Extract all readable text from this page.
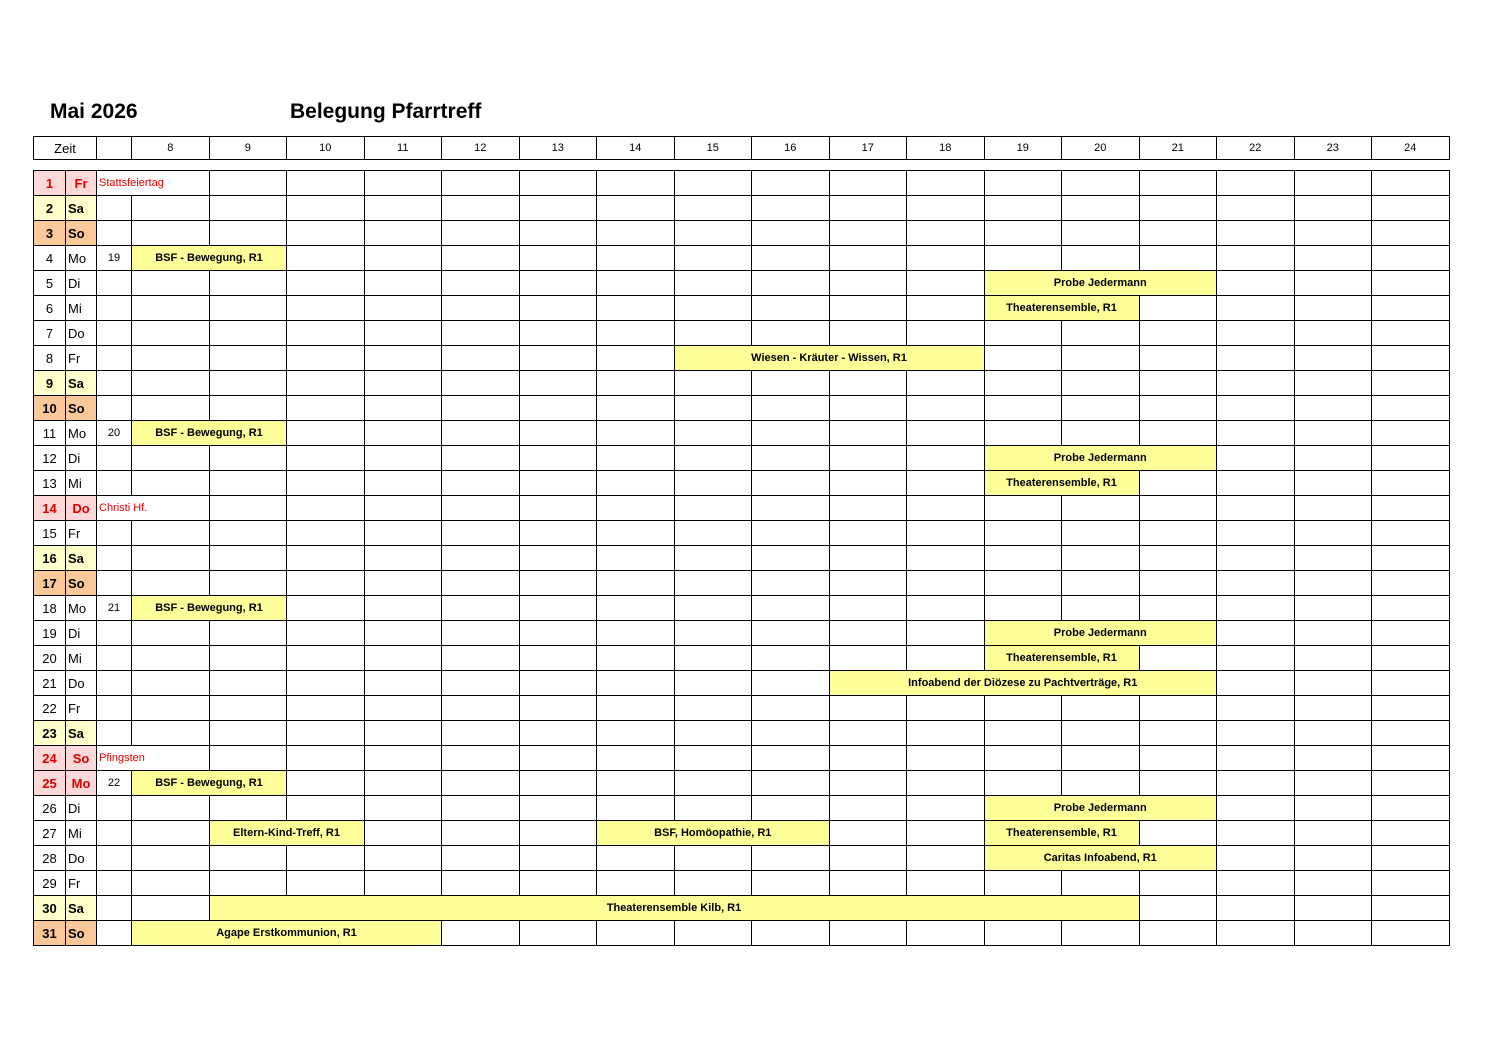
Mai 2026	Belegung Pfarrtreff
Zeit		8	9	10	11	12	13	14	15	16	17	18	19	20	21	22	23	24
1	Fr	Stattsfeiertag																	
2	Sa																		
3	So																		
4	Mo	19	BSF - Bewegung, R1																
5	Di													Probe Jedermann					
6	Mi													Theaterensemble, R1					
7	Do																		
8	Fr									Wiesen - Kräuter - Wissen, R1									
9	Sa																		
10	So																		
11	Mo	20	BSF - Bewegung, R1																
12	Di													Probe Jedermann					
13	Mi													Theaterensemble, R1					
14	Do	Christi Hf.																	
15	Fr																		
16	Sa																		
17	So																		
18	Mo	21	BSF - Bewegung, R1																
19	Di													Probe Jedermann					
20	Mi													Theaterensemble, R1					
21	Do											Infoabend der Diözese zu Pachtverträge, R1							
22	Fr																		
23	Sa																		
24	So	Pfingsten																	
25	Mo	22	BSF - Bewegung, R1																
26	Di													Probe Jedermann					
27	Mi			Eltern-Kind-Treff, R1					BSF, Homöopathie, R1					Theaterensemble, R1					
28	Do													Caritas Infoabend, R1					
29	Fr																		
30	Sa			Theaterensemble Kilb, R1															
31	So		Agape Erstkommunion, R1																
